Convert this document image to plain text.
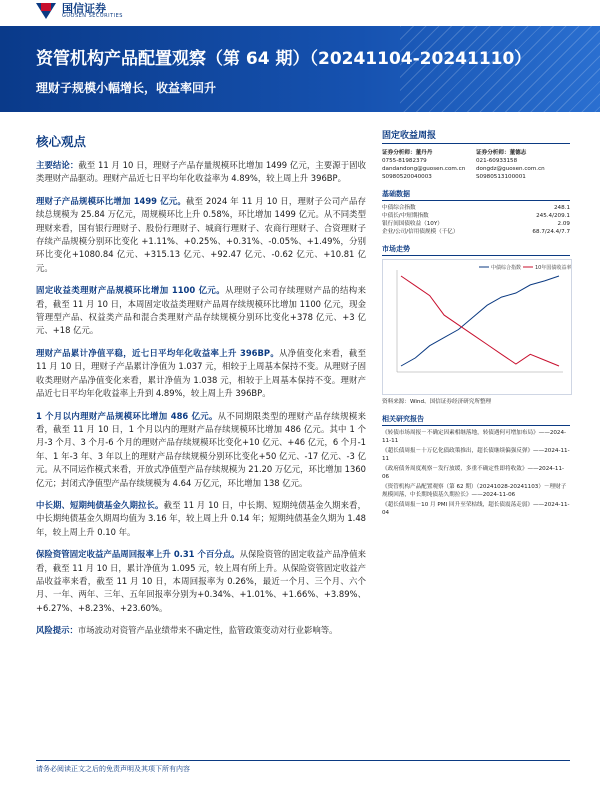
国信证券
GUOSEN SECURITIES
资管机构产品配置观察（第 64 期）（20241104-20241110）
理财子规模小幅增长，收益率回升
核心观点

主要结论：截至 11 月 10 日，理财子产品存量规模环比增加 1499 亿元，主要源于固收类理财产品驱动。理财产品近七日平均年化收益率为 4.89%，较上周上升 396BP。

理财子产品规模环比增加 1499 亿元。截至 2024 年 11 月 10 日，理财子公司产品存续总规模为 25.84 万亿元，周规模环比上升 0.58%，环比增加 1499 亿元。从不同类型理财来看，国有银行理财子、股份行理财子、城商行理财子、农商行理财子、合资理财子存续产品规模分别环比变化 +1.11%、+0.25%、+0.31%、-0.05%、+1.49%，分别环比变化+1080.84 亿元、+315.13 亿元、+92.47 亿元、-0.62 亿元、+10.81 亿元。

固定收益类理财产品规模环比增加 1100 亿元。从理财子公司存续理财产品的结构来看，截至 11 月 10 日，本周固定收益类理财产品周存续规模环比增加 1100 亿元，现金管理型产品、权益类产品和混合类理财产品存续规模分别环比变化+378 亿元、+3 亿元、+18 亿元。

理财产品累计净值平稳，近七日平均年化收益率上升 396BP。从净值变化来看，截至 11 月 10 日，理财子产品累计净值为 1.037 元，相较于上周基本保持不变。从理财子固收类理财产品净值变化来看，累计净值为 1.038 元，相较于上周基本保持不变。理财产品近七日平均年化收益率上升到 4.89%，较上周上升 396BP。

1 个月以内理财产品规模环比增加 486 亿元。从不同期限类型的理财产品存续规模来看，截至 11 月 10 日，1 个月以内的理财产品存续规模环比增加 486 亿元。其中 1 个月-3 个月、3 个月-6 个月的理财产品存续规模环比变化+10 亿元、+46 亿元，6 个月-1 年、1 年-3 年、3 年以上的理财产品存续规模分别环比变化+50 亿元、-17 亿元、-3 亿元。从不同运作模式来看，开放式净值型产品存续规模为 21.20 万亿元，环比增加 1360 亿元；封闭式净值型产品存续规模为 4.64 万亿元，环比增加 138 亿元。

中长期、短期纯债基金久期拉长。截至 11 月 10 日，中长期、短期纯债基金久期来看，中长期纯债基金久期周均值为 3.16 年，较上周上升 0.14 年；短期纯债基金久期为 1.48 年，较上周上升 0.10 年。

保险资管固定收益产品周回报率上升 0.31 个百分点。从保险资管的固定收益产品净值来看，截至 11 月 10 日，累计净值为 1.095 元，较上周有所上升。从保险资管固定收益产品收益率来看，截至 11 月 10 日，本周回报率为 0.26%，最近一个月、三个月、六个月、一年、两年、三年、五年回报率分别为+0.34%、+1.01%、+1.66%、+3.89%、+6.27%、+8.23%、+23.60%。

风险提示：市场波动对资管产品业绩带来不确定性，监管政策变动对行业影响等。

固定收益周报
证券分析师：董丹丹
0755-81982379
dandandong@guosen.com.cn
S0980520040003
证券分析师：董德志
021-60933158
dongdz@guosen.com.cn
S0980513100001
基础数据
中债综合指数	248.1
中债长/中短期指数	245.4/209.1
银行间国债收益（10Y）	2.09
企业/公司/信用债规模（千亿）	68.7/24.4/7.7
市场走势
中债综合指数	10年国债收益率
资料来源：Wind、国信证券经济研究所整理
相关研究报告
《转债市场周报－不确定因素相继落地，转债遇何可增加布局》——2024-11-11
《超长债周报－十万亿化债政策推出，超长债继续偏强反弹》——2024-11-11
《政府债务周度观察－发行放缓，多重不确定性即将收敛》——2024-11-06
《资管机构产品配置观察（第 62 期）（20241028-20241103）－理财子规模回落，中长期纯债基久期拉长》——2024-11-06
《超长债周报－10 月 PMI 回升至荣枯线，超长债震荡走弱》——2024-11-04
请务必阅读正文之后的免责声明及其项下所有内容
